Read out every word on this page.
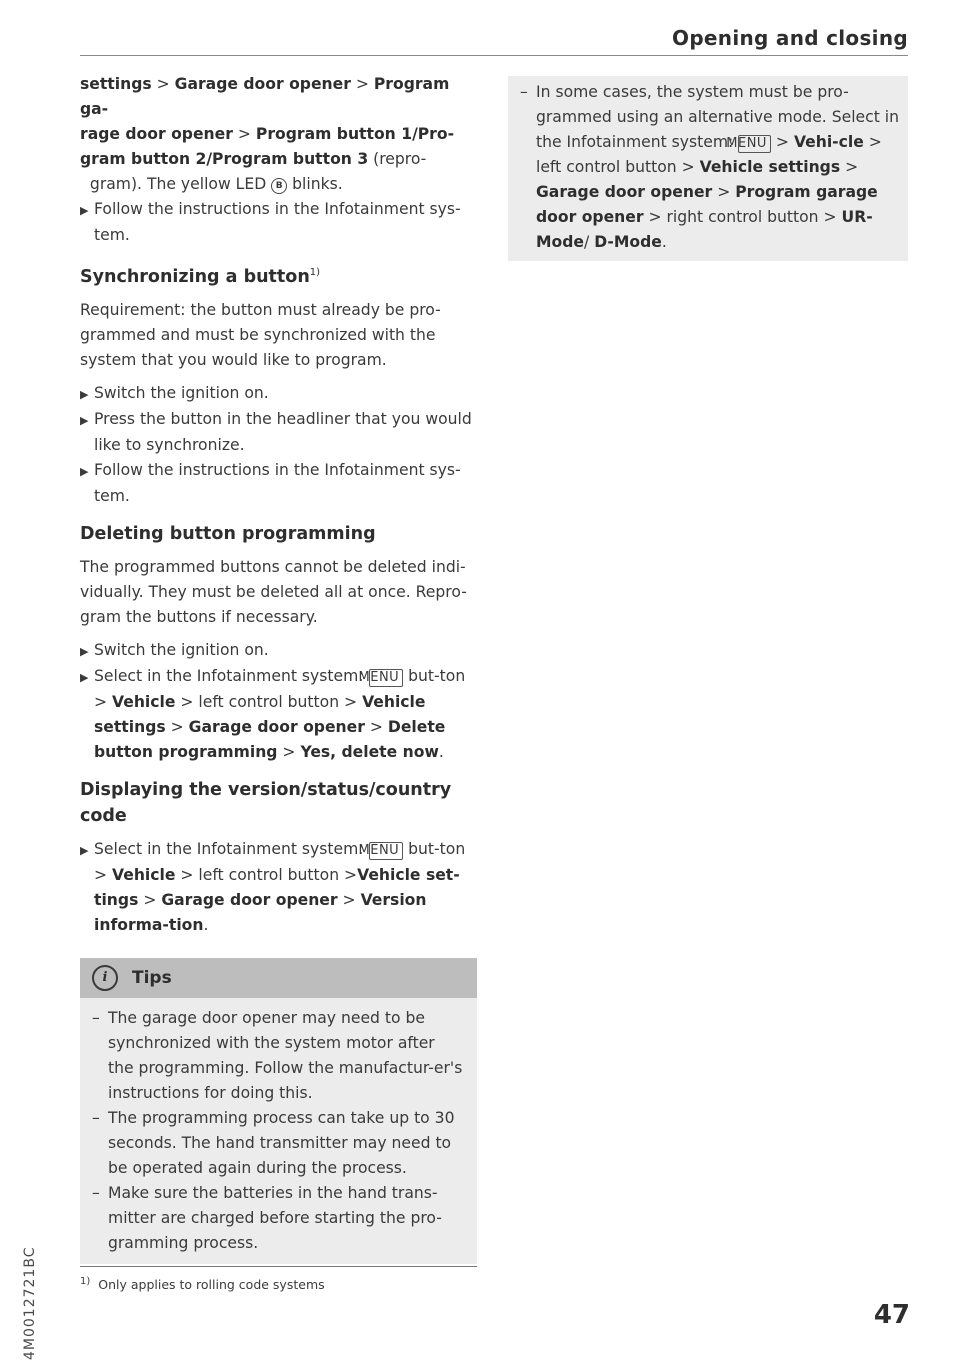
Opening and closing

settings > Garage door opener > Program ga-
rage door opener > Program button 1/Pro-
gram button 2/Program button 3 (repro-
gram). The yellow LED B blinks.

▶ Follow the instructions in the Infotainment sys-tem.

Synchronizing a button$^{1)}$

Requirement: the button must already be pro-grammed and must be synchronized with the system that you would like to program.

▶ Switch the ignition on.

▶ Press the button in the headliner that you would like to synchronize.

▶ Follow the instructions in the Infotainment sys-tem.

Deleting button programming

The programmed buttons cannot be deleted indi-vidually. They must be deleted all at once. Repro-gram the buttons if necessary.

▶ Switch the ignition on.

▶ Select in the Infotainment system: MENU but-ton > Vehicle > left control button > Vehicle settings > Garage door opener > Delete button programming > Yes, delete now.

Displaying the version/status/country code

▶ Select in the Infotainment system: MENU but-ton > Vehicle > left control button >Vehicle set-tings > Garage door opener > Version informa-tion.

i	Tips

– The garage door opener may need to be synchronized with the system motor after the programming. Follow the manufactur-er's instructions for doing this.

– The programming process can take up to 30 seconds. The hand transmitter may need to be operated again during the process.

– Make sure the batteries in the hand trans-mitter are charged before starting the pro-gramming process.

– In some cases, the system must be pro-grammed using an alternative mode. Select in the Infotainment system: MENU > Vehi-cle > left control button > Vehicle settings > Garage door opener > Program garage door opener > right control button > UR-Mode/ D-Mode.

$^{1)}$ Only applies to rolling code systems
4M0012721BC	47
